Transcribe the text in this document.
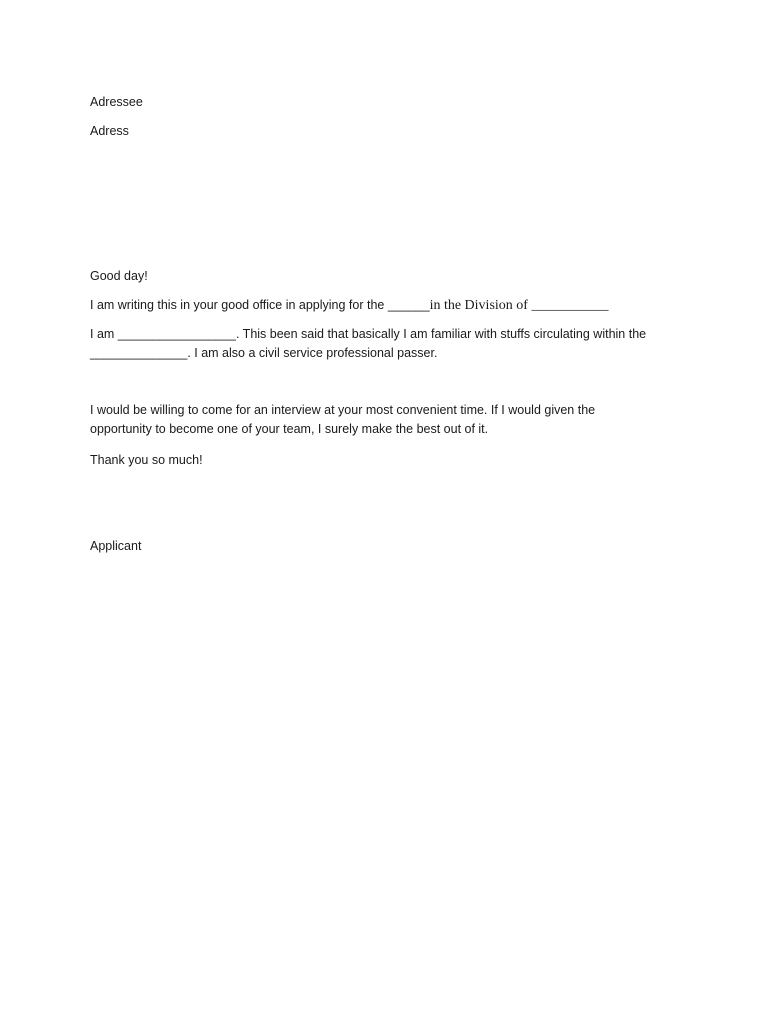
Adressee
Adress
Good day!
I am writing this in your good office in applying for the ______in the Division of ___________
I am _________________. This been said that basically I am familiar with stuffs circulating within the
______________. I am also a civil service professional passer.
I would be willing to come for an interview at your most convenient time. If I would given the
opportunity to become one of your team, I surely make the best out of it.
Thank you so much!
Applicant
